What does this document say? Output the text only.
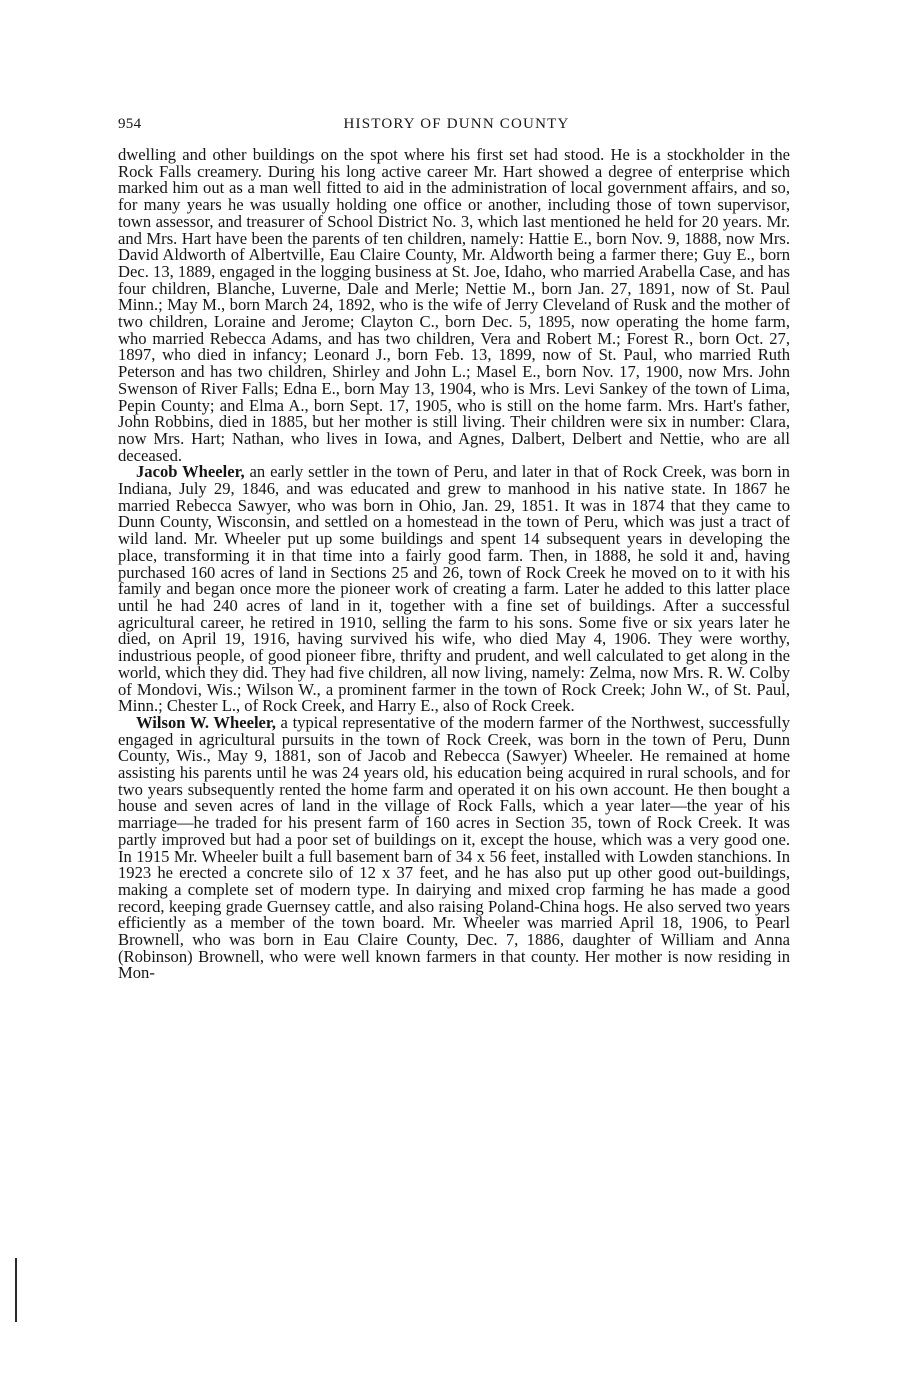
954	HISTORY OF DUNN COUNTY

dwelling and other buildings on the spot where his first set had stood. He is a stockholder in the Rock Falls creamery. During his long active career Mr. Hart showed a degree of enterprise which marked him out as a man well fitted to aid in the administration of local government affairs, and so, for many years he was usually holding one office or another, including those of town supervisor, town assessor, and treasurer of School District No. 3, which last mentioned he held for 20 years. Mr. and Mrs. Hart have been the parents of ten children, namely: Hattie E., born Nov. 9, 1888, now Mrs. David Aldworth of Albertville, Eau Claire County, Mr. Aldworth being a farmer there; Guy E., born Dec. 13, 1889, engaged in the logging business at St. Joe, Idaho, who married Arabella Case, and has four children, Blanche, Luverne, Dale and Merle; Nettie M., born Jan. 27, 1891, now of St. Paul Minn.; May M., born March 24, 1892, who is the wife of Jerry Cleveland of Rusk and the mother of two children, Loraine and Jerome; Clayton C., born Dec. 5, 1895, now operating the home farm, who married Rebecca Adams, and has two children, Vera and Robert M.; Forest R., born Oct. 27, 1897, who died in infancy; Leonard J., born Feb. 13, 1899, now of St. Paul, who married Ruth Peterson and has two children, Shirley and John L.; Masel E., born Nov. 17, 1900, now Mrs. John Swenson of River Falls; Edna E., born May 13, 1904, who is Mrs. Levi Sankey of the town of Lima, Pepin County; and Elma A., born Sept. 17, 1905, who is still on the home farm. Mrs. Hart's father, John Robbins, died in 1885, but her mother is still living. Their children were six in number: Clara, now Mrs. Hart; Nathan, who lives in Iowa, and Agnes, Dalbert, Delbert and Nettie, who are all deceased.

Jacob Wheeler, an early settler in the town of Peru, and later in that of Rock Creek, was born in Indiana, July 29, 1846, and was educated and grew to manhood in his native state. In 1867 he married Rebecca Sawyer, who was born in Ohio, Jan. 29, 1851. It was in 1874 that they came to Dunn County, Wisconsin, and settled on a homestead in the town of Peru, which was just a tract of wild land. Mr. Wheeler put up some buildings and spent 14 subsequent years in developing the place, transforming it in that time into a fairly good farm. Then, in 1888, he sold it and, having purchased 160 acres of land in Sections 25 and 26, town of Rock Creek he moved on to it with his family and began once more the pioneer work of creating a farm. Later he added to this latter place until he had 240 acres of land in it, together with a fine set of buildings. After a successful agricultural career, he retired in 1910, selling the farm to his sons. Some five or six years later he died, on April 19, 1916, having survived his wife, who died May 4, 1906. They were worthy, industrious people, of good pioneer fibre, thrifty and prudent, and well calculated to get along in the world, which they did. They had five children, all now living, namely: Zelma, now Mrs. R. W. Colby of Mondovi, Wis.; Wilson W., a prominent farmer in the town of Rock Creek; John W., of St. Paul, Minn.; Chester L., of Rock Creek, and Harry E., also of Rock Creek.

Wilson W. Wheeler, a typical representative of the modern farmer of the Northwest, successfully engaged in agricultural pursuits in the town of Rock Creek, was born in the town of Peru, Dunn County, Wis., May 9, 1881, son of Jacob and Rebecca (Sawyer) Wheeler. He remained at home assisting his parents until he was 24 years old, his education being acquired in rural schools, and for two years subsequently rented the home farm and operated it on his own account. He then bought a house and seven acres of land in the village of Rock Falls, which a year later—the year of his marriage—he traded for his present farm of 160 acres in Section 35, town of Rock Creek. It was partly improved but had a poor set of buildings on it, except the house, which was a very good one. In 1915 Mr. Wheeler built a full basement barn of 34 x 56 feet, installed with Lowden stanchions. In 1923 he erected a concrete silo of 12 x 37 feet, and he has also put up other good out-buildings, making a complete set of modern type. In dairying and mixed crop farming he has made a good record, keeping grade Guernsey cattle, and also raising Poland-China hogs. He also served two years efficiently as a member of the town board. Mr. Wheeler was married April 18, 1906, to Pearl Brownell, who was born in Eau Claire County, Dec. 7, 1886, daughter of William and Anna (Robinson) Brownell, who were well known farmers in that county. Her mother is now residing in Mon-
